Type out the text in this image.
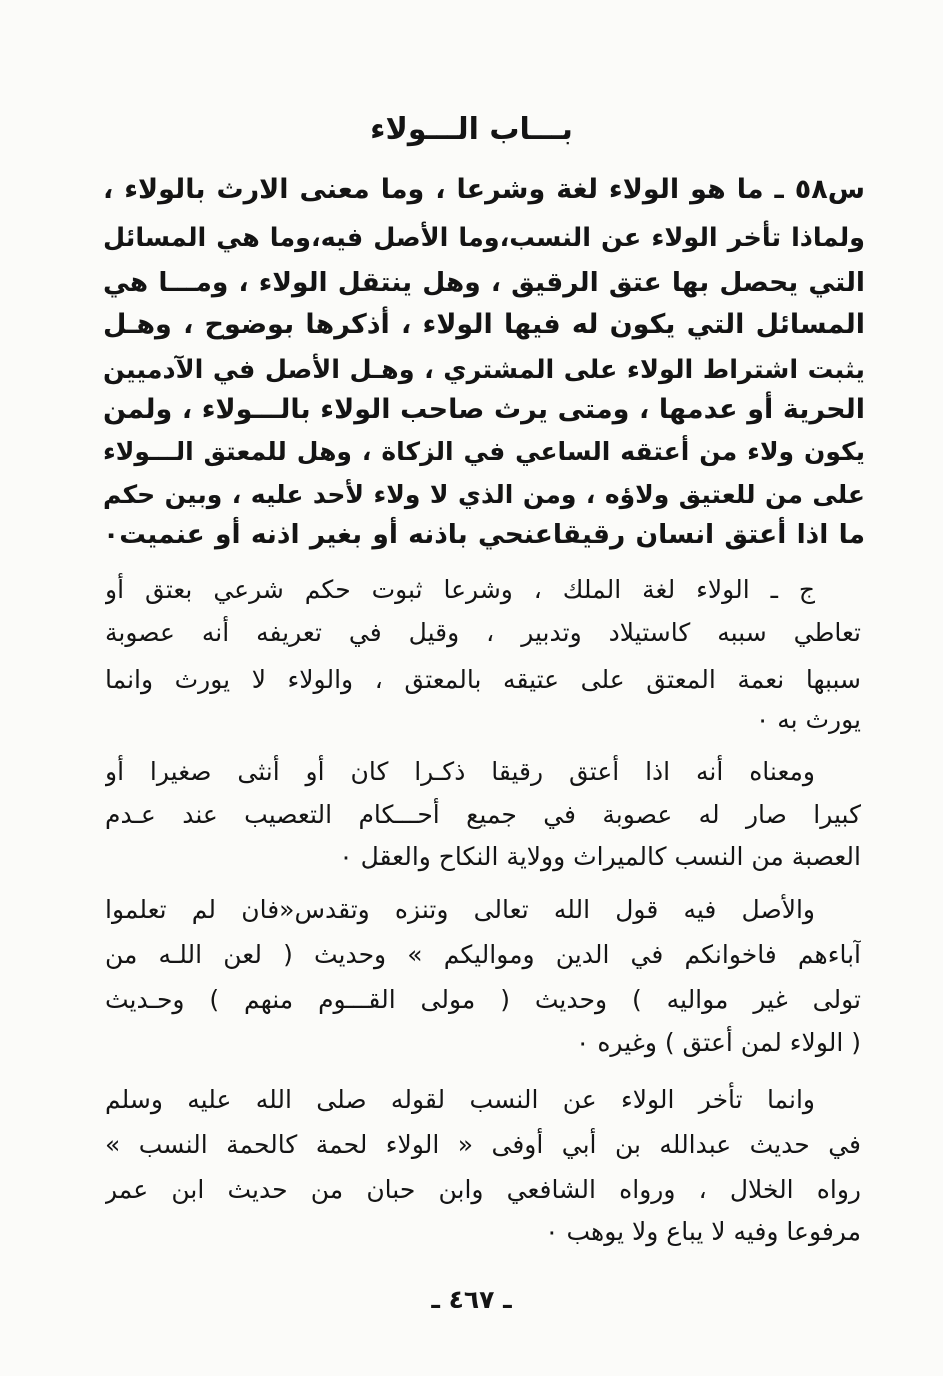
بـــاب الـــولاء
س٥٨ ـ ما هو الولاء لغة وشرعا ، وما معنى الارث بالولاء ،
ولماذا تأخر الولاء عن النسب،وما الأصل فيه،وما هي المسائل
التي يحصل بها عتق الرقيق ، وهل ينتقل الولاء ، ومـــا هي
المسائل التي يكون له فيها الولاء ، أذكرها بوضوح ، وهـل
يثبت اشتراط الولاء على المشتري ، وهـل الأصل في الآدميين
الحرية أو عدمها ، ومتى يرث صاحب الولاء بالـــولاء ، ولمن
يكون ولاء من أعتقه الساعي في الزكاة ، وهل للمعتق الـــولاء
على من للعتيق ولاؤه ، ومن الذي لا ولاء لأحد عليه ، وبين حكم
ما اذا أعتق انسان رقيقاعنحي باذنه أو بغير اذنه أو عنميت٠
ج ـ الولاء لغة الملك ، وشرعا ثبوت حكم شرعي بعتق أو
تعاطي سببه كاستيلاد وتدبير ، وقيل في تعريفه أنه عصوبة
سببها نعمة المعتق على عتيقه بالمعتق ، والولاء لا يورث وانما
يورث به ٠
ومعناه أنه اذا أعتق رقيقا ذكـرا كان أو أنثى صغيرا أو
كبيرا صار له عصوبة في جميع أحـــكام التعصيب عند عـدم
العصبة من النسب كالميراث وولاية النكاح والعقل ٠
والأصل فيه قول الله تعالى وتنزه وتقدس«فان لم تعلموا
آباءهم فاخوانكم في الدين ومواليكم » وحديث ( لعن اللـه من
تولى غير مواليه ) وحديث ( مولى القـــوم منهم ) وحـديث
( الولاء لمن أعتق ) وغيره ٠
وانما تأخر الولاء عن النسب لقوله صلى الله عليه وسلم
في حديث عبدالله بن أبي أوفى « الولاء لحمة كالحمة النسب »
رواه الخلال ، ورواه الشافعي وابن حبان من حديث ابن عمر
مرفوعا وفيه لا يباع ولا يوهب ٠
ـ ٤٦٧ ـ
